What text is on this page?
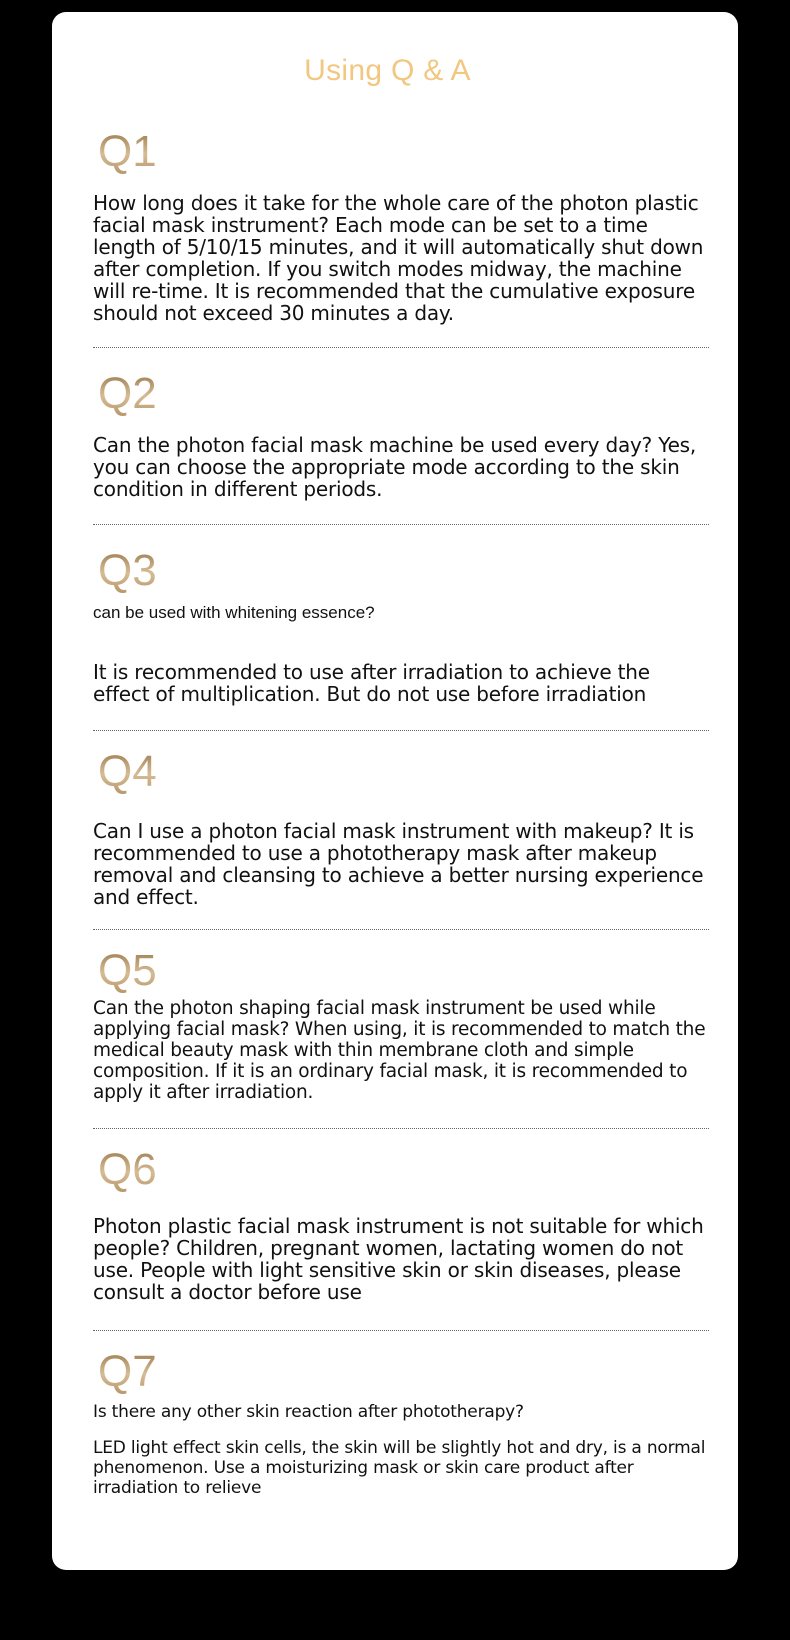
Using Q & A
Q1
How long does it take for the whole care of the photon plastic facial mask instrument? Each mode can be set to a time length of 5/10/15 minutes, and it will automatically shut down after completion. If you switch modes midway, the machine will re-time. It is recommended that the cumulative exposure should not exceed 30 minutes a day.
Q2
Can the photon facial mask machine be used every day? Yes, you can choose the appropriate mode according to the skin condition in different periods.
Q3
can be used with whitening essence?
It is recommended to use after irradiation to achieve the effect of multiplication. But do not use before irradiation
Q4
Can I use a photon facial mask instrument with makeup? It is recommended to use a phototherapy mask after makeup removal and cleansing to achieve a better nursing experience and effect.
Q5
Can the photon shaping facial mask instrument be used while applying facial mask? When using, it is recommended to match the medical beauty mask with thin membrane cloth and simple composition. If it is an ordinary facial mask, it is recommended to apply it after irradiation.
Q6
Photon plastic facial mask instrument is not suitable for which people? Children, pregnant women, lactating women do not use. People with light sensitive skin or skin diseases, please consult a doctor before use
Q7
Is there any other skin reaction after phototherapy?
LED light effect skin cells, the skin will be slightly hot and dry, is a normal phenomenon. Use a moisturizing mask or skin care product after irradiation to relieve
